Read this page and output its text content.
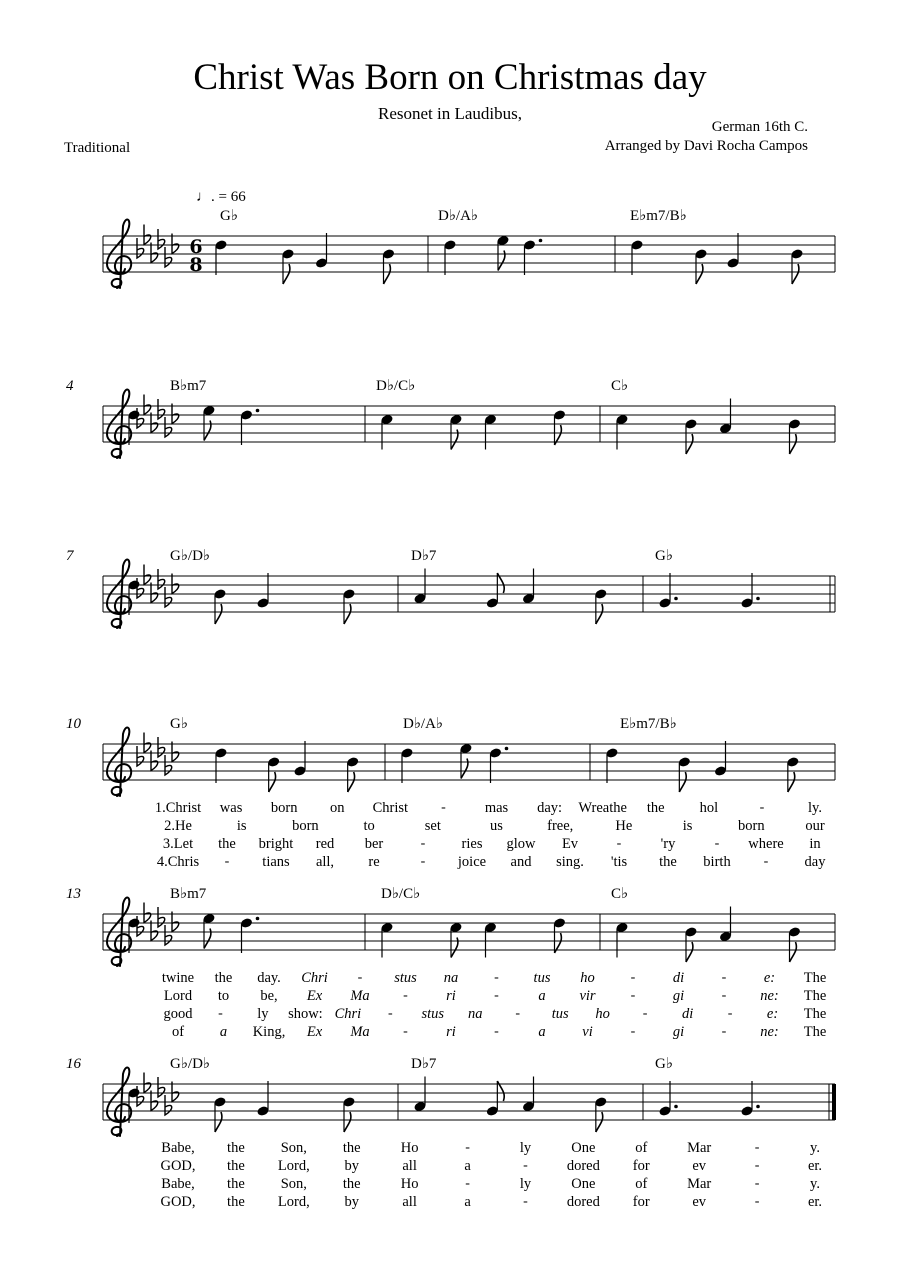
Christ Was Born on Christmas day
Resonet in Laudibus,
German 16th C.
Arranged by Davi Rocha Campos
Traditional
6
8
G♭	D♭/A♭	E♭m7/B♭
♩. = 66
4	B♭m7	D♭/C♭	C♭
7	G♭/D♭	D♭7	G♭
10	G♭	D♭/A♭	E♭m7/B♭
1.Christ was born on Christ -	mas day: Wreathe the hol	-	ly.
2.He	is	born	to	set	us	free,	He	is	born	our
3.Let the bright red ber	- ries glow Ev	-	'ry	- where in
4.Chris - tians all, re	- joice and sing. 'tis the birth - day
13	B♭m7	D♭/C♭	C♭
twine the day. Chri - stus na	- tus ho	-	di	-	e: The
Lord to be, Ex Ma -	ri	-	a vir	-	gi	- ne: The
good - ly show: Chri - stus na - tus ho - di - e: The
of a King, Ex Ma -	ri	-	a	vi	-	gi	- ne: The
16	G♭/D♭	D♭7	G♭
Babe, the Son, the	Ho	-	ly	One	of	Mar	-	y.
GOD, the Lord, by	all	a	-	dored for	ev	-	er.
Babe, the Son, the	Ho	-	ly	One	of	Mar	-	y.
GOD, the Lord, by	all	a	-	dored for	ev	-	er.
